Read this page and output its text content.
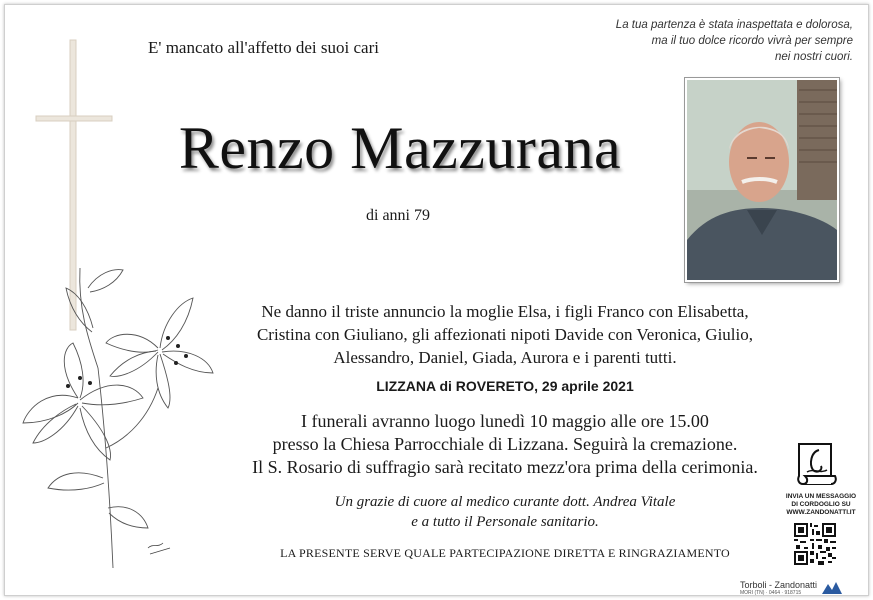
E' mancato all'affetto dei suoi cari
La tua partenza è stata inaspettata e dolorosa,
ma il tuo dolce ricordo vivrà per sempre
nei nostri cuori.
Renzo Mazzurana
di anni 79
Ne danno il triste annuncio la moglie Elsa, i figli Franco con Elisabetta,
Cristina con Giuliano, gli affezionati nipoti Davide con Veronica, Giulio,
Alessandro, Daniel, Giada, Aurora e i parenti tutti.
LIZZANA di ROVERETO, 29 aprile 2021
I funerali avranno luogo lunedì 10 maggio alle ore 15.00
presso la Chiesa Parrocchiale di Lizzana. Seguirà la cremazione.
Il S. Rosario di suffragio sarà recitato mezz'ora prima della cerimonia.
Un grazie di cuore al medico curante dott. Andrea Vitale
e a tutto il Personale sanitario.
LA PRESENTE SERVE QUALE PARTECIPAZIONE DIRETTA E RINGRAZIAMENTO
INVIA UN MESSAGGIO
DI CORDOGLIO SU
WWW.ZANDONATTI.IT
Torboli - Zandonatti
MORI (TN) · 0464 · 918715
